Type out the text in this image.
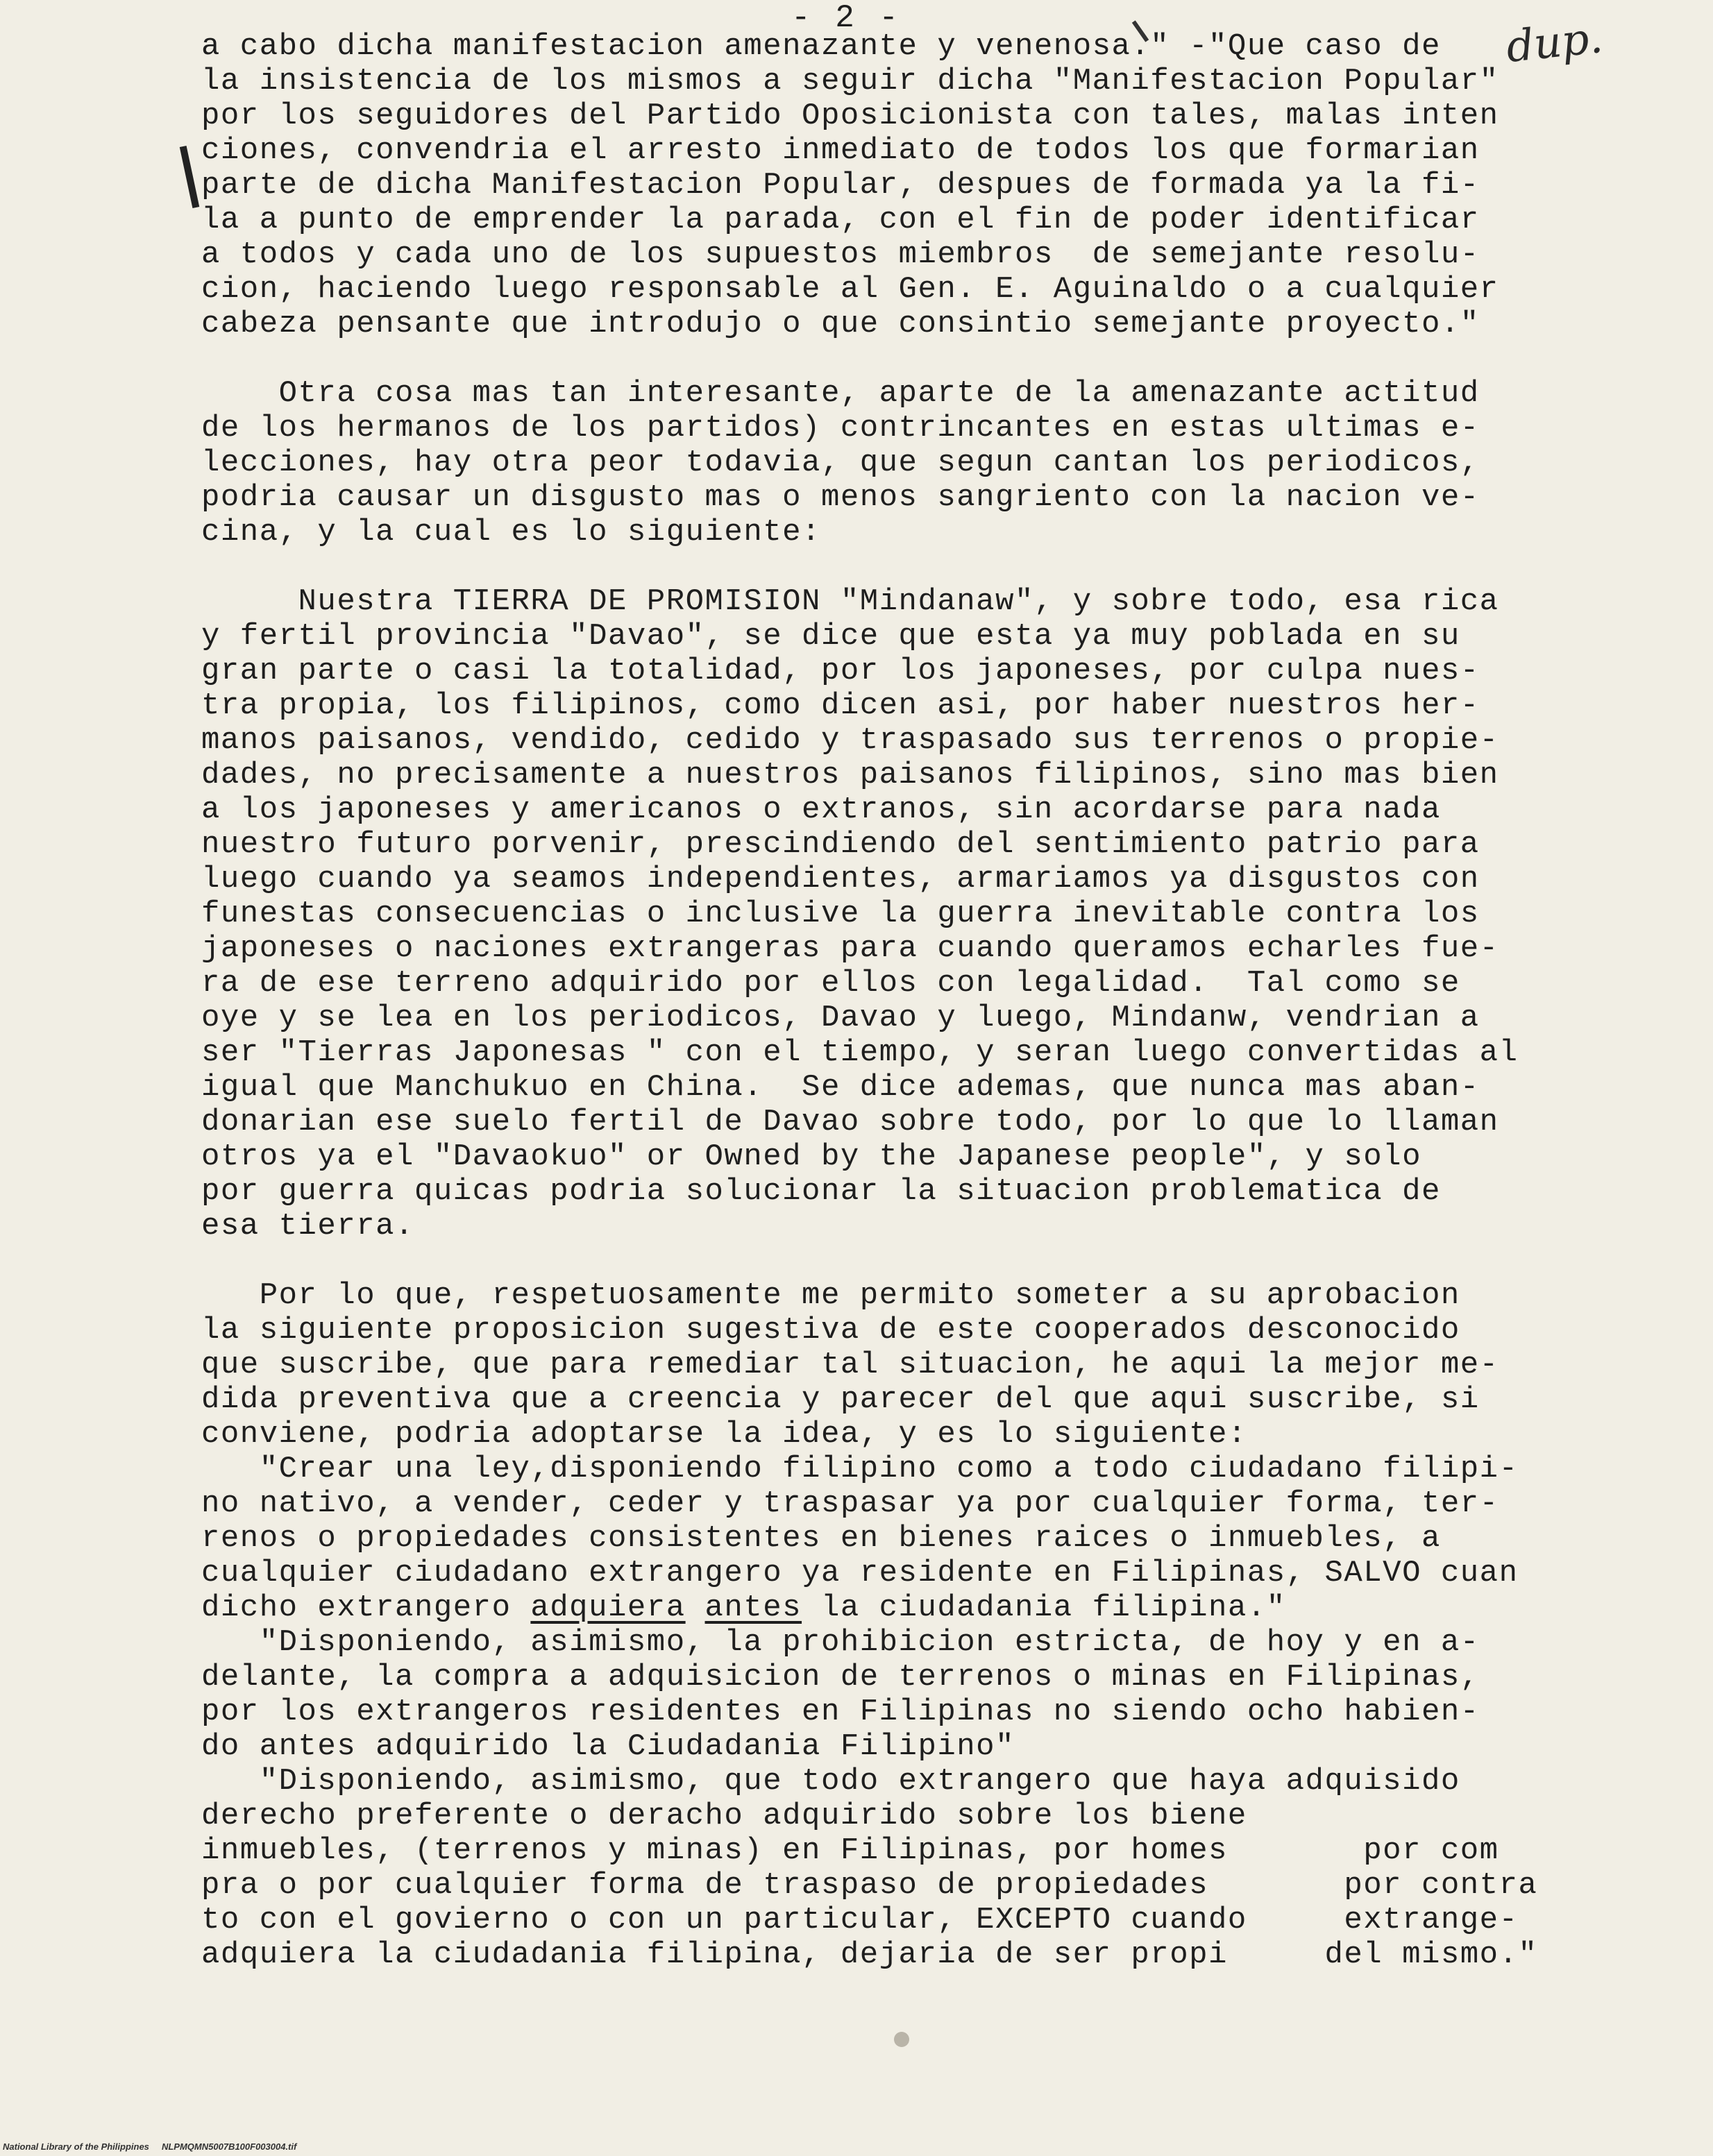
- 2 -	dup.
a cabo dicha manifestacion amenazante y venenosa." -"Que caso de
la insistencia de los mismos a seguir dicha "Manifestacion Popular"
por los seguidores del Partido Oposicionista con tales, malas inten
ciones, convendria el arresto inmediato de todos los que formarian
parte de dicha Manifestacion Popular, despues de formada ya la fi-
la a punto de emprender la parada, con el fin de poder identificar
a todos y cada uno de los supuestos miembros  de semejante resolu-
cion, haciendo luego responsable al Gen. E. Aguinaldo o a cualquier
cabeza pensante que introdujo o que consintio semejante proyecto."
Otra cosa mas tan interesante, aparte de la amenazante actitud
de los hermanos de los partidos) contrincantes en estas ultimas e-
lecciones, hay otra peor todavia, que segun cantan los periodicos,
podria causar un disgusto mas o menos sangriento con la nacion ve-
cina, y la cual es lo siguiente:
Nuestra TIERRA DE PROMISION "Mindanaw", y sobre todo, esa rica
y fertil provincia "Davao", se dice que esta ya muy poblada en su
gran parte o casi la totalidad, por los japoneses, por culpa nues-
tra propia, los filipinos, como dicen asi, por haber nuestros her-
manos paisanos, vendido, cedido y traspasado sus terrenos o propie-
dades, no precisamente a nuestros paisanos filipinos, sino mas bien
a los japoneses y americanos o extranos, sin acordarse para nada
nuestro futuro porvenir, prescindiendo del sentimiento patrio para
luego cuando ya seamos independientes, armariamos ya disgustos con
funestas consecuencias o inclusive la guerra inevitable contra los
japoneses o naciones extrangeras para cuando queramos echarles fue-
ra de ese terreno adquirido por ellos con legalidad.  Tal como se
oye y se lea en los periodicos, Davao y luego, Mindanw, vendrian a
ser "Tierras Japonesas " con el tiempo, y seran luego convertidas al
igual que Manchukuo en China.  Se dice ademas, que nunca mas aban-
donarian ese suelo fertil de Davao sobre todo, por lo que lo llaman
otros ya el "Davaokuo" or Owned by the Japanese people", y solo
por guerra quicas podria solucionar la situacion problematica de
esa tierra.
Por lo que, respetuosamente me permito someter a su aprobacion
la siguiente proposicion sugestiva de este cooperados desconocido
que suscribe, que para remediar tal situacion, he aqui la mejor me-
dida preventiva que a creencia y parecer del que aqui suscribe, si
conviene, podria adoptarse la idea, y es lo siguiente:
"Crear una ley,disponiendo filipino como a todo ciudadano filipi-
no nativo, a vender, ceder y traspasar ya por cualquier forma, ter-
renos o propiedades consistentes en bienes raices o inmuebles, a
cualquier ciudadano extrangero ya residente en Filipinas, SALVO cuan
dicho extrangero adquiera antes la ciudadania filipina."
"Disponiendo, asimismo, la prohibicion estricta, de hoy y en a-
delante, la compra a adquisicion de terrenos o minas en Filipinas,
por los extrangeros residentes en Filipinas no siendo ocho habien-
do antes adquirido la Ciudadania Filipino"
"Disponiendo, asimismo, que todo extrangero que haya adquisido
derecho preferente o deracho adquirido sobre los biene
inmuebles, (terrenos y minas) en Filipinas, por homes       por com
pra o por cualquier forma de traspaso de propiedades       por contra
to con el govierno o con un particular, EXCEPTO cuando     extrange-
adquiera la ciudadania filipina, dejaria de ser propi     del mismo."
National Library of the Philippines     NLPMQMN5007B100F003004.tif
